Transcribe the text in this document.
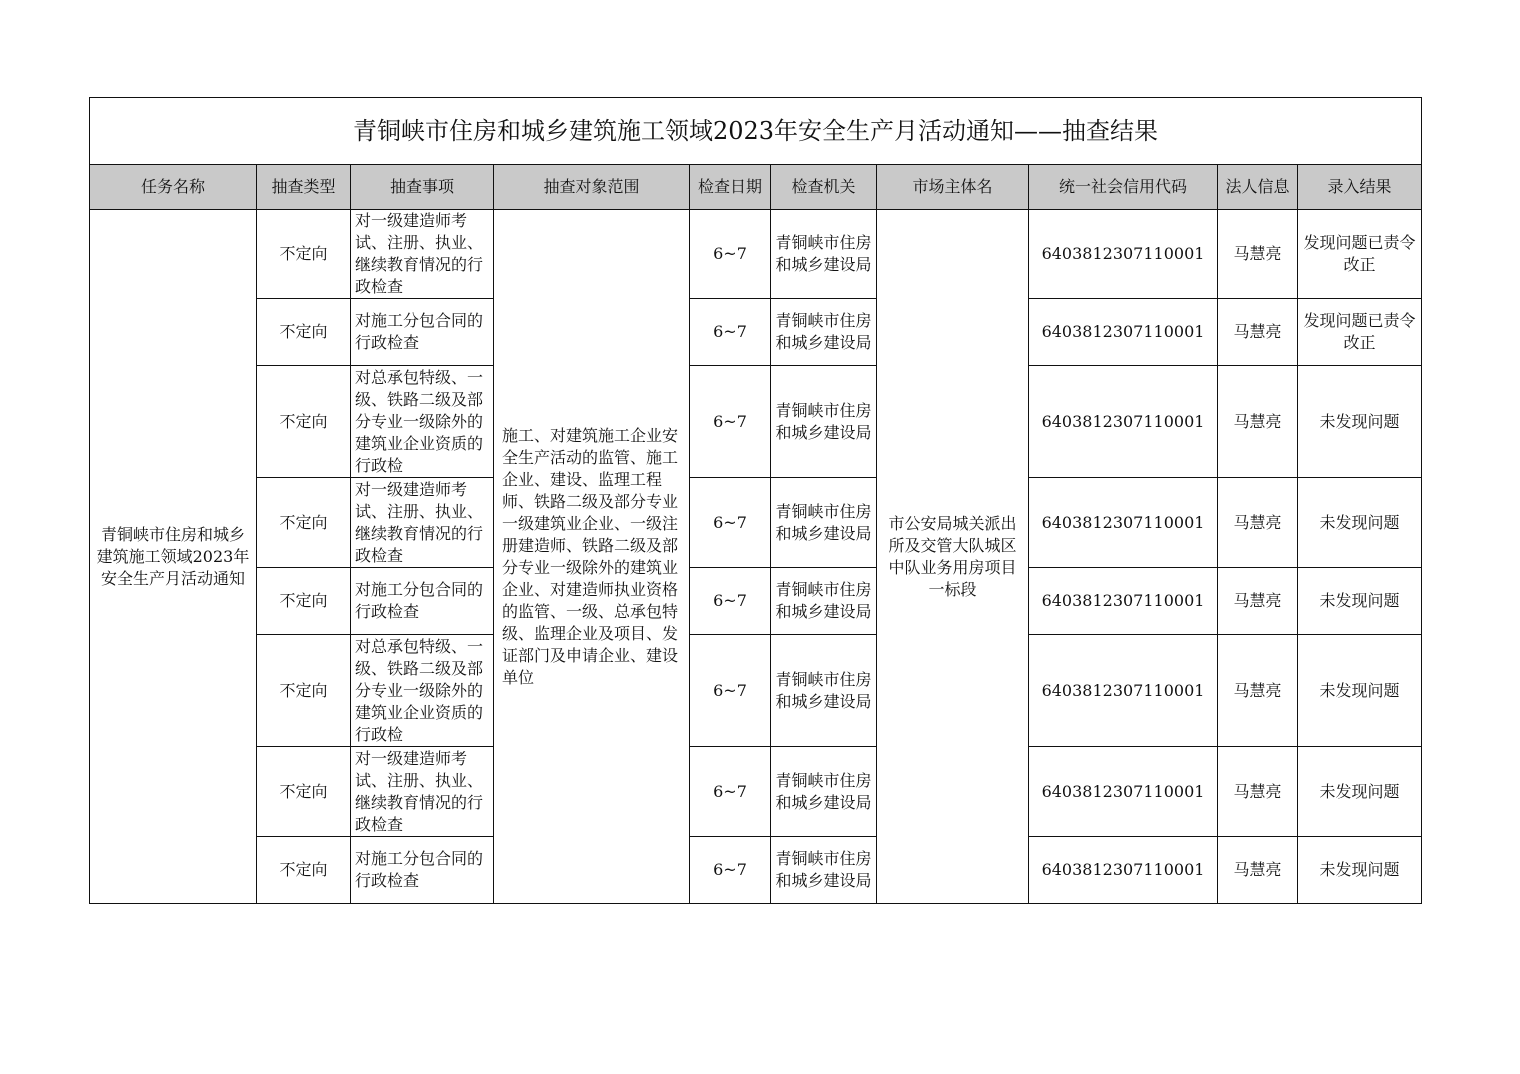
青铜峡市住房和城乡建筑施工领域2023年安全生产月活动通知——抽查结果									
任务名称	抽查类型	抽查事项	抽查对象范围	检查日期	检查机关	市场主体名	统一社会信用代码	法人信息	录入结果
青铜峡市住房和城乡建筑施工领域2023年安全生产月活动通知	不定向	对一级建造师考试、注册、执业、继续教育情况的行政检查	施工、对建筑施工企业安全生产活动的监管、施工企业、建设、监理工程师、铁路二级及部分专业一级建筑业企业、一级注册建造师、铁路二级及部分专业一级除外的建筑业企业、对建造师执业资格的监管、一级、总承包特级、监理企业及项目、发证部门及申请企业、建设单位	6~7	青铜峡市住房和城乡建设局	市公安局城关派出所及交管大队城区中队业务用房项目一标段	6403812307110001	马慧亮	发现问题已责令改正
	不定向	对施工分包合同的行政检查		6~7	青铜峡市住房和城乡建设局		6403812307110001	马慧亮	发现问题已责令改正
	不定向	对总承包特级、一级、铁路二级及部分专业一级除外的建筑业企业资质的行政检		6~7	青铜峡市住房和城乡建设局		6403812307110001	马慧亮	未发现问题
	不定向	对一级建造师考试、注册、执业、继续教育情况的行政检查		6~7	青铜峡市住房和城乡建设局		6403812307110001	马慧亮	未发现问题
	不定向	对施工分包合同的行政检查		6~7	青铜峡市住房和城乡建设局		6403812307110001	马慧亮	未发现问题
	不定向	对总承包特级、一级、铁路二级及部分专业一级除外的建筑业企业资质的行政检		6~7	青铜峡市住房和城乡建设局		6403812307110001	马慧亮	未发现问题
	不定向	对一级建造师考试、注册、执业、继续教育情况的行政检查		6~7	青铜峡市住房和城乡建设局		6403812307110001	马慧亮	未发现问题
	不定向	对施工分包合同的行政检查		6~7	青铜峡市住房和城乡建设局		6403812307110001	马慧亮	未发现问题
